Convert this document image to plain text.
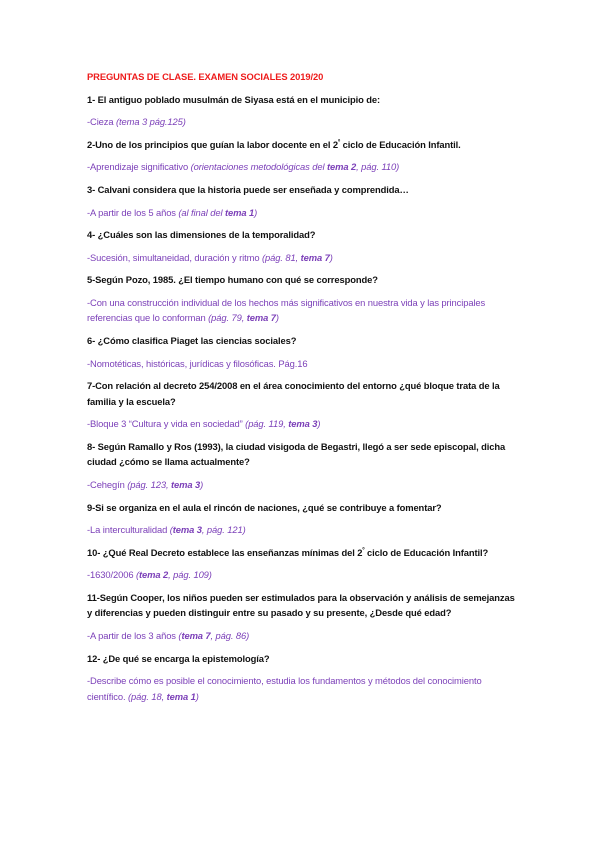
PREGUNTAS DE CLASE. EXAMEN SOCIALES 2019/20

1- El antiguo poblado musulmán de Siyasa está en el municipio de:

-Cieza (tema 3 pág.125)

2-Uno de los principios que guían la labor docente en el $2^º$ ciclo de Educación Infantil.

-Aprendizaje significativo (orientaciones metodológicas del tema 2, pág. 110)

3- Calvani considera que la historia puede ser enseñada y comprendida…

-A partir de los 5 años (al final del tema 1)

4- ¿Cuáles son las dimensiones de la temporalidad?

-Sucesión, simultaneidad, duración y ritmo (pág. 81, tema 7)

5-Según Pozo, 1985. ¿El tiempo humano con qué se corresponde?

-Con una construcción individual de los hechos más significativos en nuestra vida y las principales referencias que lo conforman (pág. 79, tema 7)

6- ¿Cómo clasifica Piaget las ciencias sociales?

-Nomotéticas, históricas, jurídicas y filosóficas. Pág.16

7-Con relación al decreto 254/2008 en el área conocimiento del entorno ¿qué bloque trata de la familia y la escuela?

-Bloque 3 “Cultura y vida en sociedad” (pág. 119, tema 3)

8- Según Ramallo y Ros (1993), la ciudad visigoda de Begastri, llegó a ser sede episcopal, dicha ciudad ¿cómo se llama actualmente?

-Cehegín (pág. 123, tema 3)

9-Si se organiza en el aula el rincón de naciones, ¿qué se contribuye a fomentar?

-La interculturalidad (tema 3, pág. 121)

10- ¿Qué Real Decreto establece las enseñanzas mínimas del $2^º$ ciclo de Educación Infantil?

-1630/2006 (tema 2, pág. 109)

11-Según Cooper, los niños pueden ser estimulados para la observación y análisis de semejanzas y diferencias y pueden distinguir entre su pasado y su presente, ¿Desde qué edad?

-A partir de los 3 años (tema 7, pág. 86)

12- ¿De qué se encarga la epistemología?

-Describe cómo es posible el conocimiento, estudia los fundamentos y métodos del conocimiento científico. (pág. 18, tema 1)
